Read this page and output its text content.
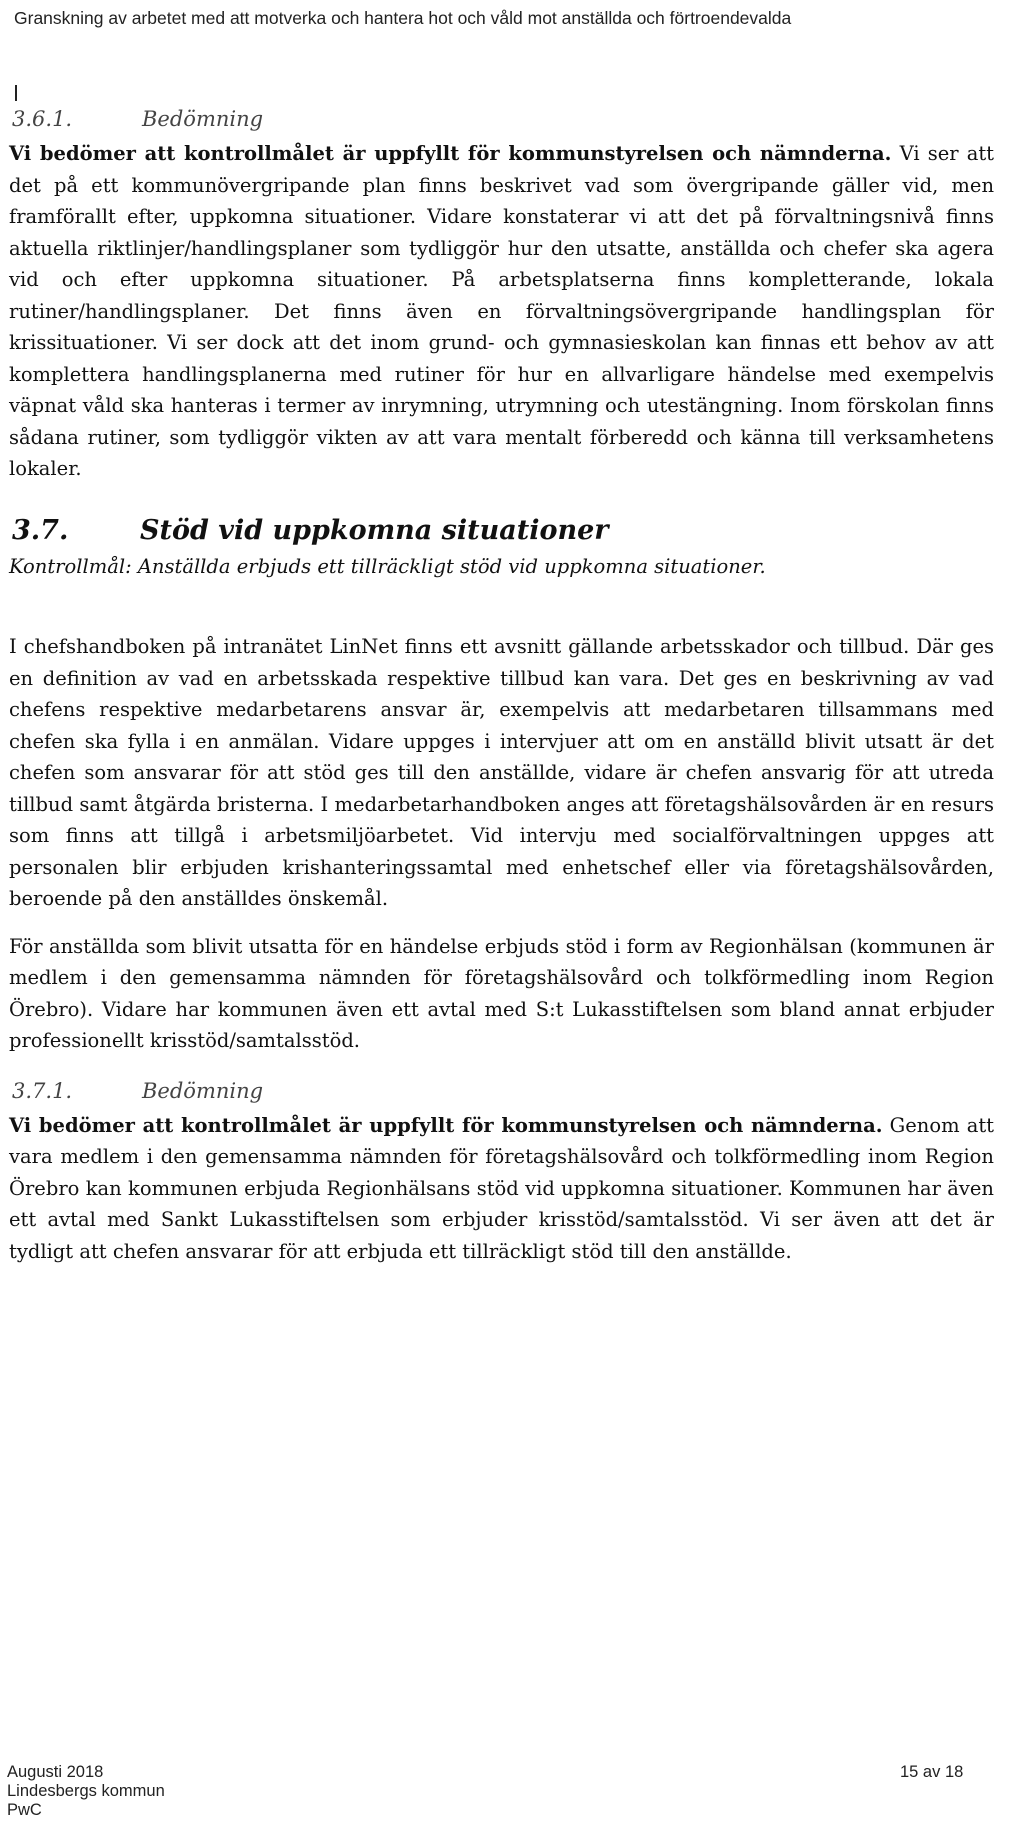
Granskning av arbetet med att motverka och hantera hot och våld mot anställda och förtroendevalda
3.6.1.	Bedömning

Vi bedömer att kontrollmålet är uppfyllt för kommunstyrelsen och nämnderna. Vi ser att det på ett kommunövergripande plan finns beskrivet vad som övergripande gäller vid, men framförallt efter, uppkomna situationer. Vidare konstaterar vi att det på förvaltningsnivå finns aktuella riktlinjer/handlingsplaner som tydliggör hur den utsatte, anställda och chefer ska agera vid och efter uppkomna situationer. På arbetsplatserna finns kompletterande, lokala rutiner/handlingsplaner. Det finns även en förvaltningsövergripande handlingsplan för krissituationer. Vi ser dock att det inom grund- och gymnasieskolan kan finnas ett behov av att komplettera handlingsplanerna med rutiner för hur en allvarligare händelse med exempelvis väpnat våld ska hanteras i termer av inrymning, utrymning och utestängning. Inom förskolan finns sådana rutiner, som tydliggör vikten av att vara mentalt förberedd och känna till verksamhetens lokaler.

3.7.	Stöd vid uppkomna situationer

Kontrollmål: Anställda erbjuds ett tillräckligt stöd vid uppkomna situationer.

I chefshandboken på intranätet LinNet finns ett avsnitt gällande arbetsskador och tillbud. Där ges en definition av vad en arbetsskada respektive tillbud kan vara. Det ges en beskrivning av vad chefens respektive medarbetarens ansvar är, exempelvis att medarbetaren tillsammans med chefen ska fylla i en anmälan. Vidare uppges i intervjuer att om en anställd blivit utsatt är det chefen som ansvarar för att stöd ges till den anställde, vidare är chefen ansvarig för att utreda tillbud samt åtgärda bristerna. I medarbetarhandboken anges att företagshälsovården är en resurs som finns att tillgå i arbetsmiljöarbetet. Vid intervju med socialförvaltningen uppges att personalen blir erbjuden krishanteringssamtal med enhetschef eller via företagshälsovården, beroende på den anställdes önskemål.

För anställda som blivit utsatta för en händelse erbjuds stöd i form av Regionhälsan (kommunen är medlem i den gemensamma nämnden för företagshälsovård och tolkförmedling inom Region Örebro). Vidare har kommunen även ett avtal med S:t Lukasstiftelsen som bland annat erbjuder professionellt krisstöd/samtalsstöd.

3.7.1.	Bedömning

Vi bedömer att kontrollmålet är uppfyllt för kommunstyrelsen och nämnderna. Genom att vara medlem i den gemensamma nämnden för företagshälsovård och tolkförmedling inom Region Örebro kan kommunen erbjuda Regionhälsans stöd vid uppkomna situationer. Kommunen har även ett avtal med Sankt Lukasstiftelsen som erbjuder krisstöd/samtalsstöd. Vi ser även att det är tydligt att chefen ansvarar för att erbjuda ett tillräckligt stöd till den anställde.

Augusti 2018
Lindesbergs kommun
PwC
15 av 18
